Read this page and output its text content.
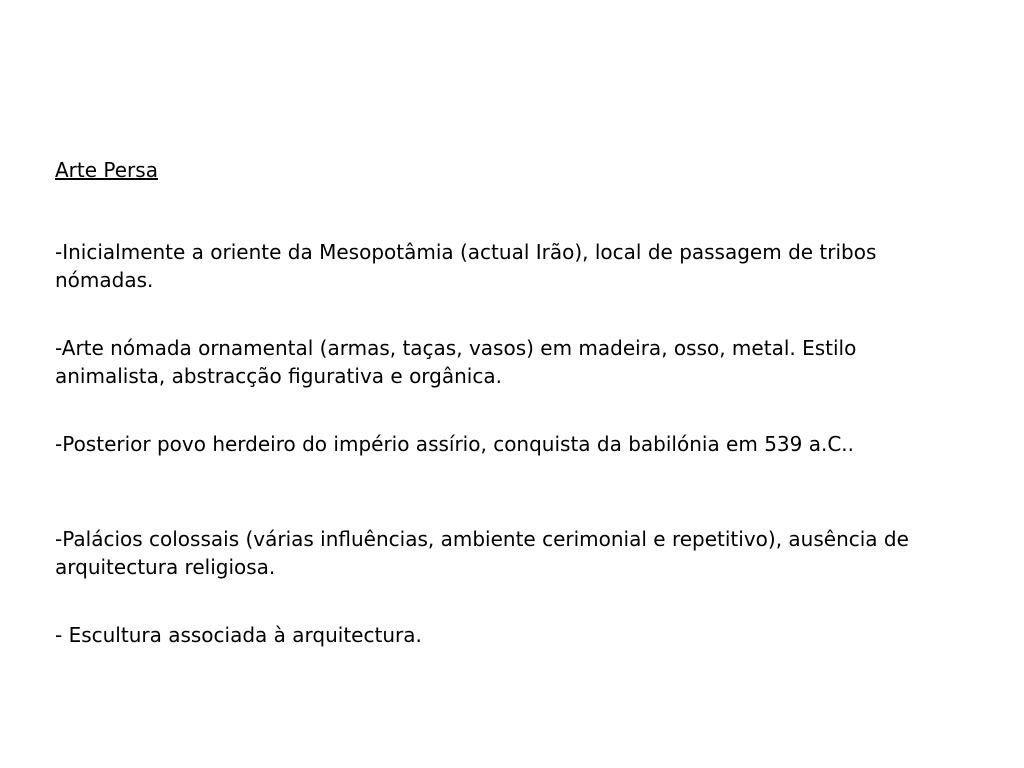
Arte Persa

-Inicialmente a oriente da Mesopotâmia (actual Irão), local de passagem de tribos nómadas.

-Arte nómada ornamental (armas, taças, vasos) em madeira, osso, metal. Estilo animalista, abstracção figurativa e orgânica.

-Posterior povo herdeiro do império assírio, conquista da babilónia em 539 a.C..

-Palácios colossais (várias influências, ambiente cerimonial e repetitivo), ausência de arquitectura religiosa.

- Escultura associada à arquitectura.
